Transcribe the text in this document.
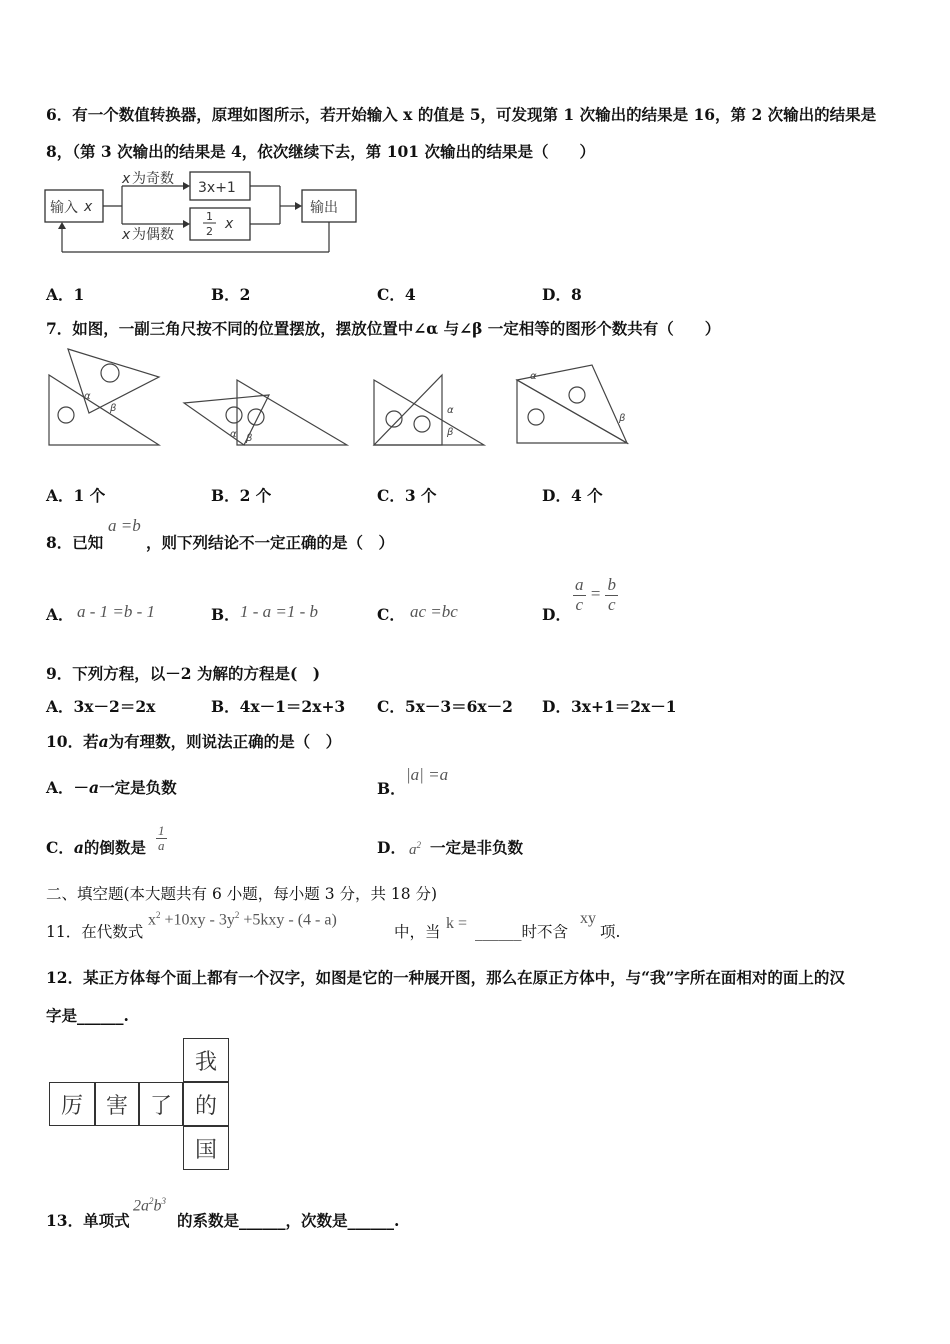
6．有一个数值转换器，原理如图所示，若开始输入 x 的值是 5，可发现第 1 次输出的结果是 16，第 2 次输出的结果是
8，（第 3 次输出的结果是 4，依次继续下去，第 101 次输出的结果是（　　）
输入 x
x 为奇数
x 为偶数
3x+1
1
2 x
输出
A．1	B．2	C．4	D．8
7．如图，一副三角尺按不同的位置摆放，摆放位置中∠α 与∠β 一定相等的图形个数共有（　　）
α
β
α β
α
β
α
β
A．1 个	B．2 个	C．3 个	D．4 个
8．已知
a =b
，则下列结论不一定正确的是（　）
A． a - 1 =b - 1	B． 1 - a =1 - b	C． ac =bc	D．
$\frac{a}{c} = \frac{b}{c}$
9．下列方程，以－2 为解的方程是(　)
A．3x－2＝2x	B．4x－1＝2x+3 C．5x－3＝6x－2 D．3x+1＝2x－1
10．若a为有理数，则说法正确的是（　）
A．－a一定是负数	B．
|a| =a
C．a的倒数是 $\frac{1}{a}$	D． $a^2$ 一定是非负数
二、填空题(本大题共有 6 小题，每小题 3 分，共 18 分)
11．在代数式
$x^2 +10xy - 3y^2 +5kxy - (4 - a)$
中，当 k = ______时不含
xy
项.
12．某正方体每个面上都有一个汉字，如图是它的一种展开图，那么在原正方体中，与“我”字所在面相对的面上的汉
字是______.
我
厉	害 了	的
国
13．单项式
$2a^2b^3$
的系数是______，次数是______.
